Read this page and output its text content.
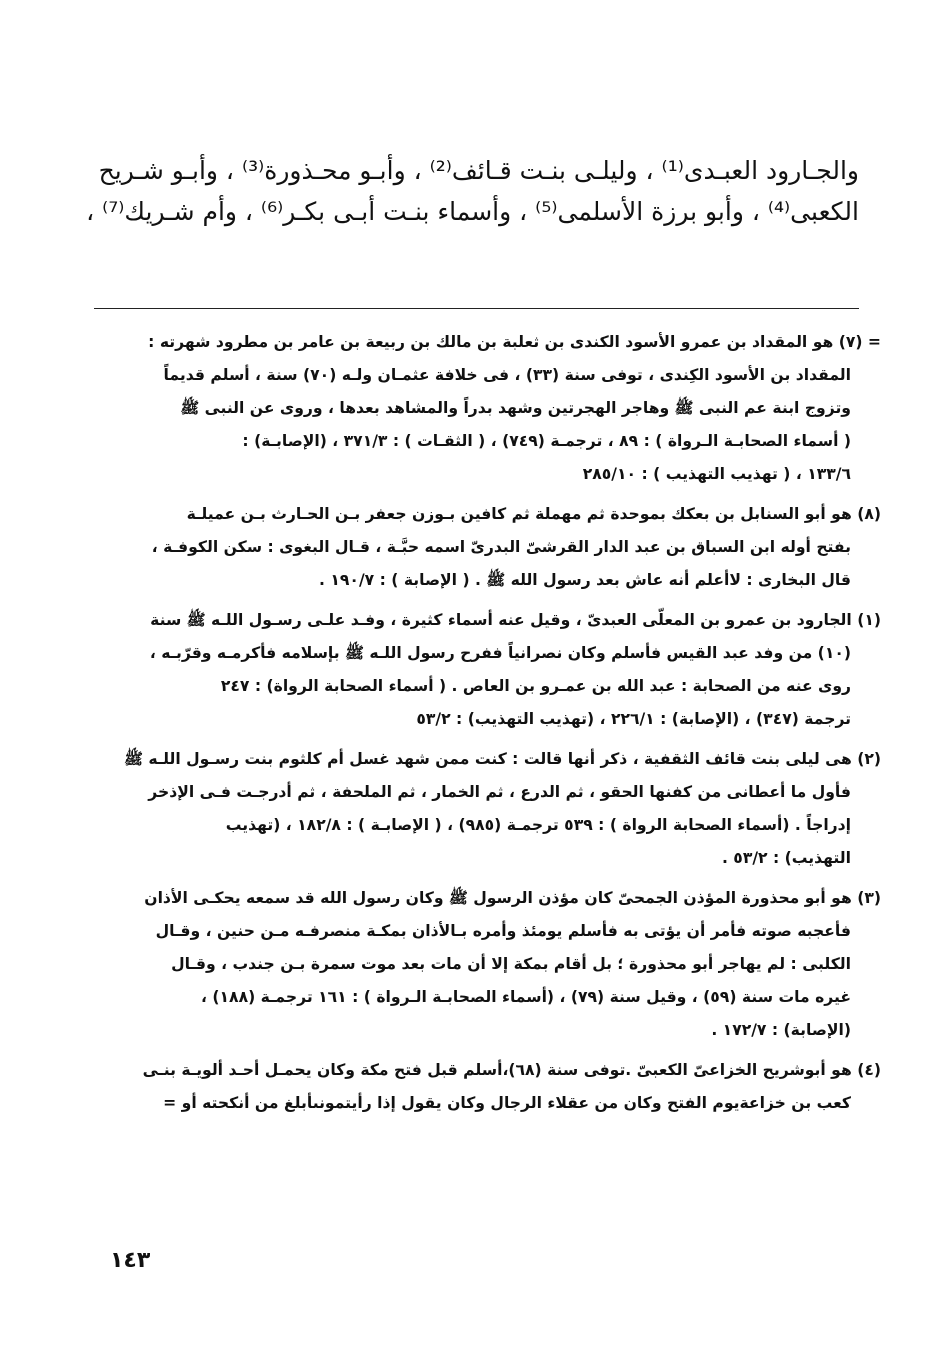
والجـارود العبـدى⁽¹⁾ ، وليلـى بنـت قـائف⁽²⁾ ، وأبـو محـذورة⁽³⁾ ، وأبـو شـريح
الكعبى⁽⁴⁾ ، وأبو برزة الأسلمى⁽⁵⁾ ، وأسماء بنـت أبـى بكـر⁽⁶⁾ ، وأم شـريك⁽⁷⁾ ،
= (٧) هو المقداد بن عمرو الأسود الكندى بن ثعلبة بن مالك بن ربيعة بن عامر بن مطرود شهرته :
المقداد بن الأسود الكِندى ، توفى سنة (٣٣) ، فى خلافة عثمـان ولـه (٧٠) سنة ، أسلم قديماً
وتزوج ابنة عم النبى ﷺ وهاجر الهجرتين وشهد بدراً والمشاهد بعدها ، وروى عن النبى ﷺ
( أسماء الصحابـة الـرواة ) : ٨٩ ، ترجمـة (٧٤٩) ، ( الثقـات ) : ٣٧١/٣ ، (الإصابـة) :
١٣٣/٦ ، ( تهذيب التهذيب ) : ٢٨٥/١٠
(٨) هو أبو السنابل بن بعكك بموحدة ثم مهملة ثم كافين بـوزن جعفر بـن الحـارث بـن عميلـة
بفتح أوله ابن السباق بن عبد الدار القرشىّ البدرىّ اسمه حبَّـة ، قـال البغوى : سكن الكوفـة ،
قال البخارى : لاأعلم أنه عاش بعد رسول الله ﷺ . ( الإصابة ) : ١٩٠/٧ .
(١) الجارود بن عمرو بن المعلّى العبدىّ ، وقيل عنه أسماء كثيرة ، وفـد علـى رسـول اللـه ﷺ سنة
(١٠) من وفد عبد القيس فأسلم وكان نصرانياً ففرح رسول اللـه ﷺ بإسلامه فأكرمـه وقرّبـه ،
روى عنه من الصحابة : عبد الله بن عمـرو بن العاص . ( أسماء الصحابة الرواة) : ٢٤٧
ترجمة (٣٤٧) ، (الإصابة) : ٢٢٦/١ ، (تهذيب التهذيب) : ٥٣/٢
(٢) هى ليلى بنت قائف الثقفية ، ذكر أنها قالت : كنت ممن شهد غسل أم كلثوم بنت رسـول اللـه ﷺ
فأول ما أعطانى من كفنها الحقو ، ثم الدرع ، ثم الخمار ، ثم الملحفة ، ثم أدرجـت فـى الإذخر
إدراجاً . (أسماء الصحابة الرواة ) : ٥٣٩ ترجمـة (٩٨٥) ، ( الإصابـة ) : ١٨٢/٨ ، (تهذيب
التهذيب) : ٥٣/٢ .
(٣) هو أبو محذورة المؤذن الجمحىّ كان مؤذن الرسول ﷺ وكان رسول الله قد سمعه يحكـى الأذان
فأعجبه صوته فأمر أن يؤتى به فأسلم يومئذ وأمره بـالأذان بمكـة منصرفـه مـن حنين ، وقـال
الكلبى : لم يهاجر أبو محذورة ؛ بل أقام بمكة إلا أن مات بعد موت سمرة بـن جندب ، وقـال
غيره مات سنة (٥٩) ، وقيل سنة (٧٩) ، (أسماء الصحابـة الـرواة ) : ١٦١ ترجمـة (١٨٨) ،
(الإصابة) : ١٧٢/٧ .
(٤) هو أبوشريح الخزاعىّ الكعبىّ .توفى سنة (٦٨)،أسلم قبل فتح مكة وكان يحمـل أحـد ألويـة بنـى
كعب بن خزاعةيوم الفتح وكان من عقلاء الرجال وكان يقول إذا رأيتمونىأبلغ من أنكحته أو =
١٤٣
